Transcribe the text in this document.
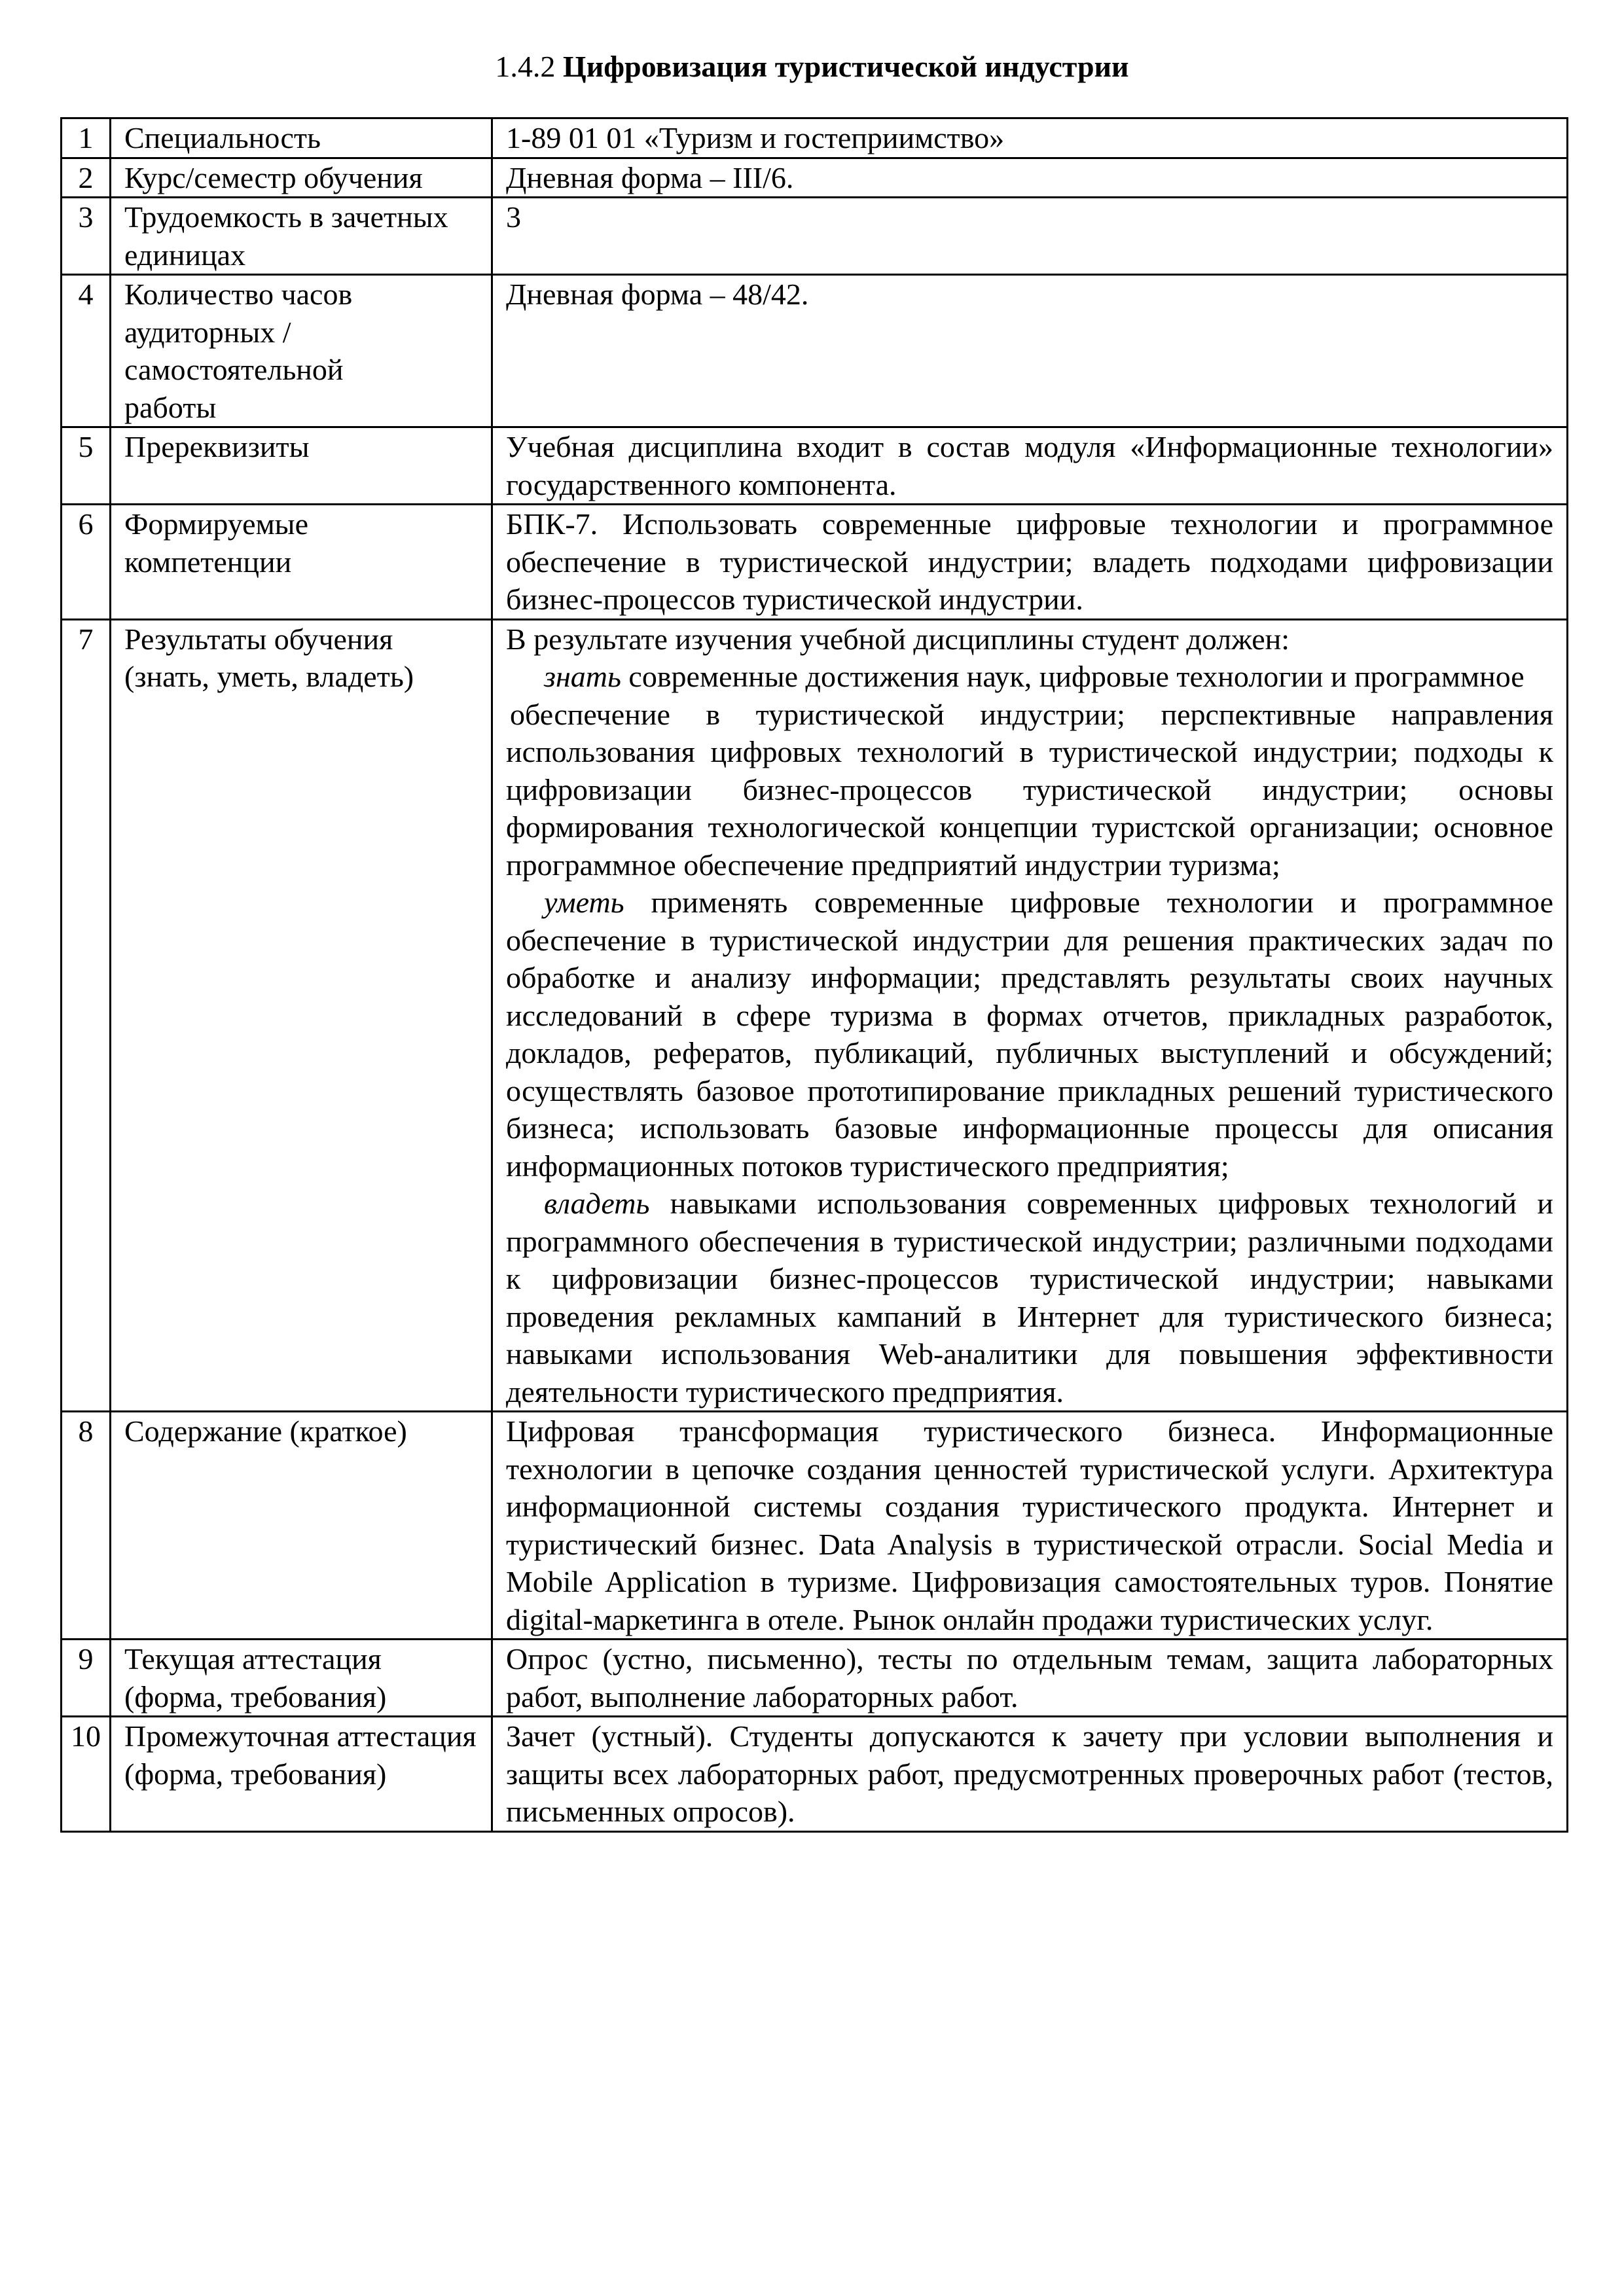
1.4.2 Цифровизация туристической индустрии
1	Специальность	1-89 01 01 «Туризм и гостеприимство»
2	Курс/семестр обучения	Дневная форма – III/6.
3	Трудоемкость в зачетных единицах	3
4	Количество часов аудиторных / самостоятельной работы	Дневная форма – 48/42.
5	Пререквизиты	Учебная дисциплина входит в состав модуля «Информационные технологии» государственного компонента.
6	Формируемые компетенции	БПК-7. Использовать современные цифровые технологии и программное обеспечение в туристической индустрии; владеть подходами цифровизации бизнес-процессов туристической индустрии.
7	Результаты обучения (знать, уметь, владеть)	В результате изучения учебной дисциплины студент должен:
знать современные достижения наук, цифровые технологии и программное
обеспечение в туристической индустрии; перспективные направления использования цифровых технологий в туристической индустрии; подходы к цифровизации бизнес-процессов туристической индустрии; основы формирования технологической концепции туристской организации; основное программное обеспечение предприятий индустрии туризма;
уметь применять современные цифровые технологии и программное обеспечение в туристической индустрии для решения практических задач по обработке и анализу информации; представлять результаты своих научных исследований в сфере туризма в формах отчетов, прикладных разработок, докладов, рефератов, публикаций, публичных выступлений и обсуждений; осуществлять базовое прототипирование прикладных решений туристического бизнеса; использовать базовые информационные процессы для описания информационных потоков туристического предприятия;
владеть навыками использования современных цифровых технологий и программного обеспечения в туристической индустрии; различными подходами к цифровизации бизнес-процессов туристической индустрии; навыками проведения рекламных кампаний в Интернет для туристического бизнеса; навыками использования Web-аналитики для повышения эффективности деятельности туристического предприятия.

8	Содержание (краткое)	Цифровая трансформация туристического бизнеса. Информационные технологии в цепочке создания ценностей туристической услуги. Архитектура информационной системы создания туристического продукта. Интернет и туристический бизнес. Data Analysis в туристической отрасли. Social Media и Mobile Application в туризме. Цифровизация самостоятельных туров. Понятие digital-маркетинга в отеле. Рынок онлайн продажи туристических услуг.
9	Текущая аттестация (форма, требования)	Опрос (устно, письменно), тесты по отдельным темам, защита лабораторных работ, выполнение лабораторных работ.
10	Промежуточная аттестация (форма, требования)	Зачет (устный). Студенты допускаются к зачету при условии выполнения и защиты всех лабораторных работ, предусмотренных проверочных работ (тестов, письменных опросов).
